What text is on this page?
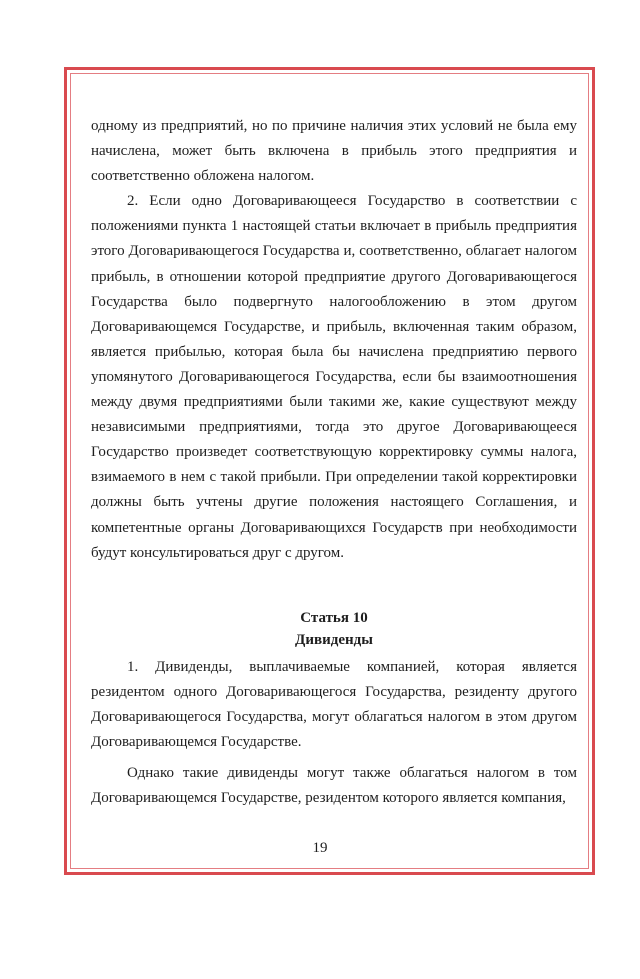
одному из предприятий, но по причине наличия этих условий не была ему начислена, может быть включена в прибыль этого предприятия и соответственно обложена налогом.

2. Если одно Договаривающееся Государство в соответствии с положениями пункта 1 настоящей статьи включает в прибыль предприятия этого Договаривающегося Государства и, соответственно, облагает налогом прибыль, в отношении которой предприятие другого Договаривающегося Государства было подвергнуто налогообложению в этом другом Договаривающемся Государстве, и прибыль, включенная таким образом, является прибылью, которая была бы начислена предприятию первого упомянутого Договаривающегося Государства, если бы взаимоотношения между двумя предприятиями были такими же, какие существуют между независимыми предприятиями, тогда это другое Договаривающееся Государство произведет соответствующую корректировку суммы налога, взимаемого в нем с такой прибыли. При определении такой корректировки должны быть учтены другие положения настоящего Соглашения, и компетентные органы Договаривающихся Государств при необходимости будут консультироваться друг с другом.

Статья 10

Дивиденды

1. Дивиденды, выплачиваемые компанией, которая является резидентом одного Договаривающегося Государства, резиденту другого Договаривающегося Государства, могут облагаться налогом в этом другом Договаривающемся Государстве.

Однако такие дивиденды могут также облагаться налогом в том Договаривающемся Государстве, резидентом которого является компания,

19
